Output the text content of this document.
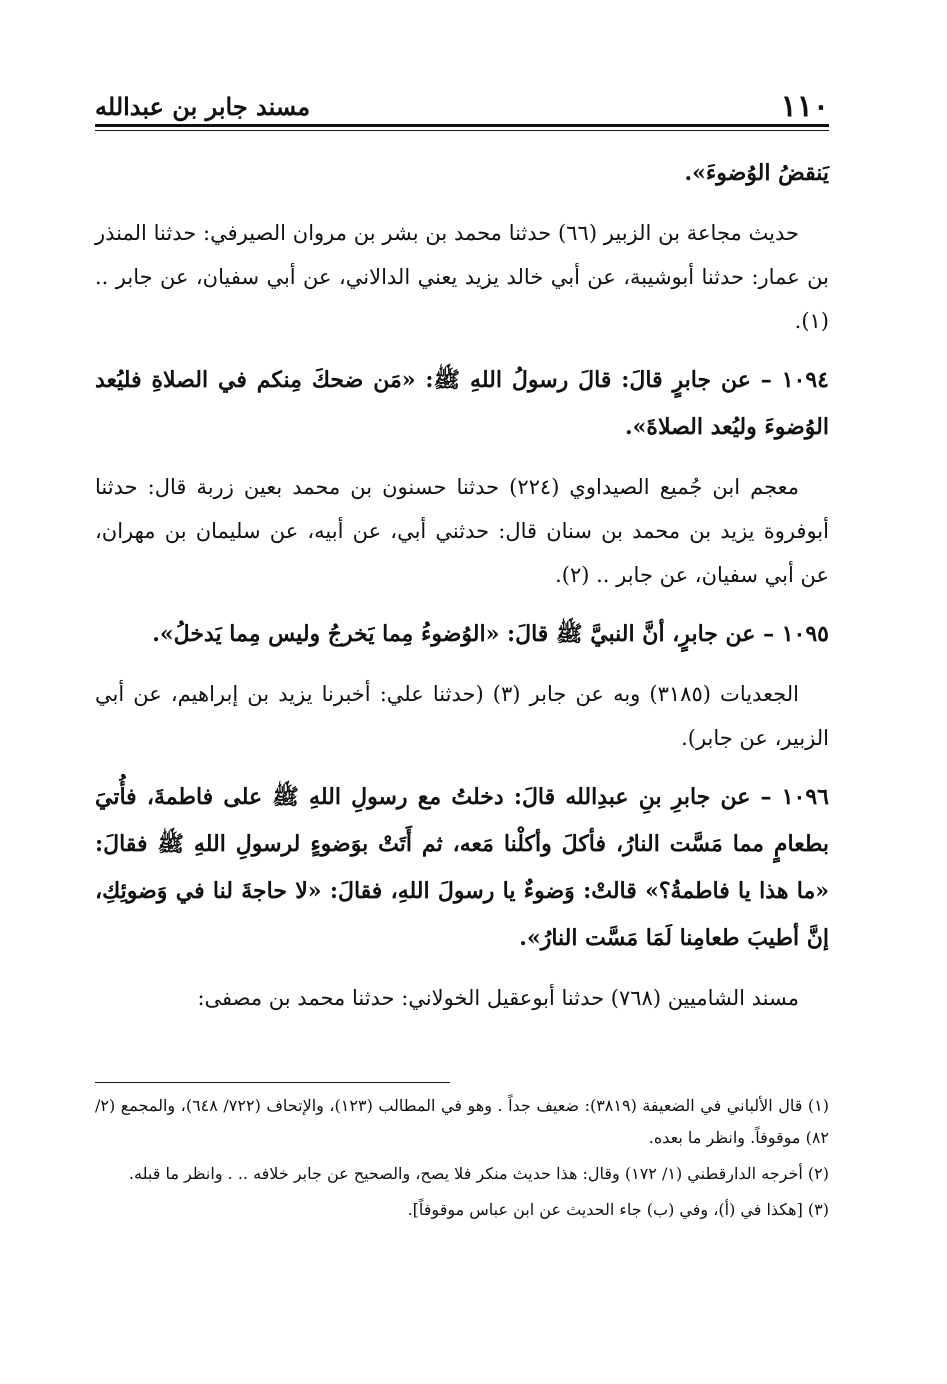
١١٠
مسند جابر بن عبدالله

يَنقضُ الوُضوءَ».

حديث مجاعة بن الزبير (٦٦) حدثنا محمد بن بشر بن مروان الصيرفي: حدثنا المنذر بن عمار: حدثنا أبوشيبة، عن أبي خالد يزيد يعني الدالاني، عن أبي سفيان، عن جابر .. (١).

١٠٩٤ – عن جابرٍ قالَ: قالَ رسولُ اللهِ ﷺ: «مَن ضحكَ مِنكم في الصلاةِ فليُعد الوُضوءَ وليُعد الصلاةَ».

معجم ابن جُميع الصيداوي (٢٢٤) حدثنا حسنون بن محمد بعين زربة قال: حدثنا أبوفروة يزيد بن محمد بن سنان قال: حدثني أبي، عن أبيه، عن سليمان بن مهران، عن أبي سفيان، عن جابر .. (٢).

١٠٩٥ – عن جابرٍ، أنَّ النبيَّ ﷺ قالَ: «الوُضوءُ مِما يَخرجُ وليس مِما يَدخلُ».

الجعديات (٣١٨٥) وبه عن جابر (٣) (حدثنا علي: أخبرنا يزيد بن إبراهيم، عن أبي الزبير، عن جابر).

١٠٩٦ – عن جابرِ بنِ عبدِالله قالَ: دخلتُ مع رسولِ اللهِ ﷺ على فاطمةَ، فأُتيَ بطعامٍ مما مَسَّت النارُ، فأكلَ وأكلْنا مَعه، ثم أَتَتْ بوَضوءٍ لرسولِ اللهِ ﷺ فقالَ: «ما هذا يا فاطمةُ؟» قالتْ: وَضوءٌ يا رسولَ اللهِ، فقالَ: «لا حاجةَ لنا في وَضوئِكِ، إنَّ أطيبَ طعامِنا لَمَا مَسَّت النارُ».

مسند الشاميين (٧٦٨) حدثنا أبوعقيل الخولاني: حدثنا محمد بن مصفى:

(١) قال الألباني في الضعيفة (٣٨١٩): ضعيف جداً . وهو في المطالب (١٢٣)، والإتحاف (٧٢٢/ ٦٤٨)، والمجمع (٢/ ٨٢) موقوفاً. وانظر ما بعده.

(٢) أخرجه الدارقطني (١/ ١٧٢) وقال: هذا حديث منكر فلا يصح، والصحيح عن جابر خلافه .. . وانظر ما قبله.

(٣) [هكذا في (أ)، وفي (ب) جاء الحديث عن ابن عباس موقوفاً].
